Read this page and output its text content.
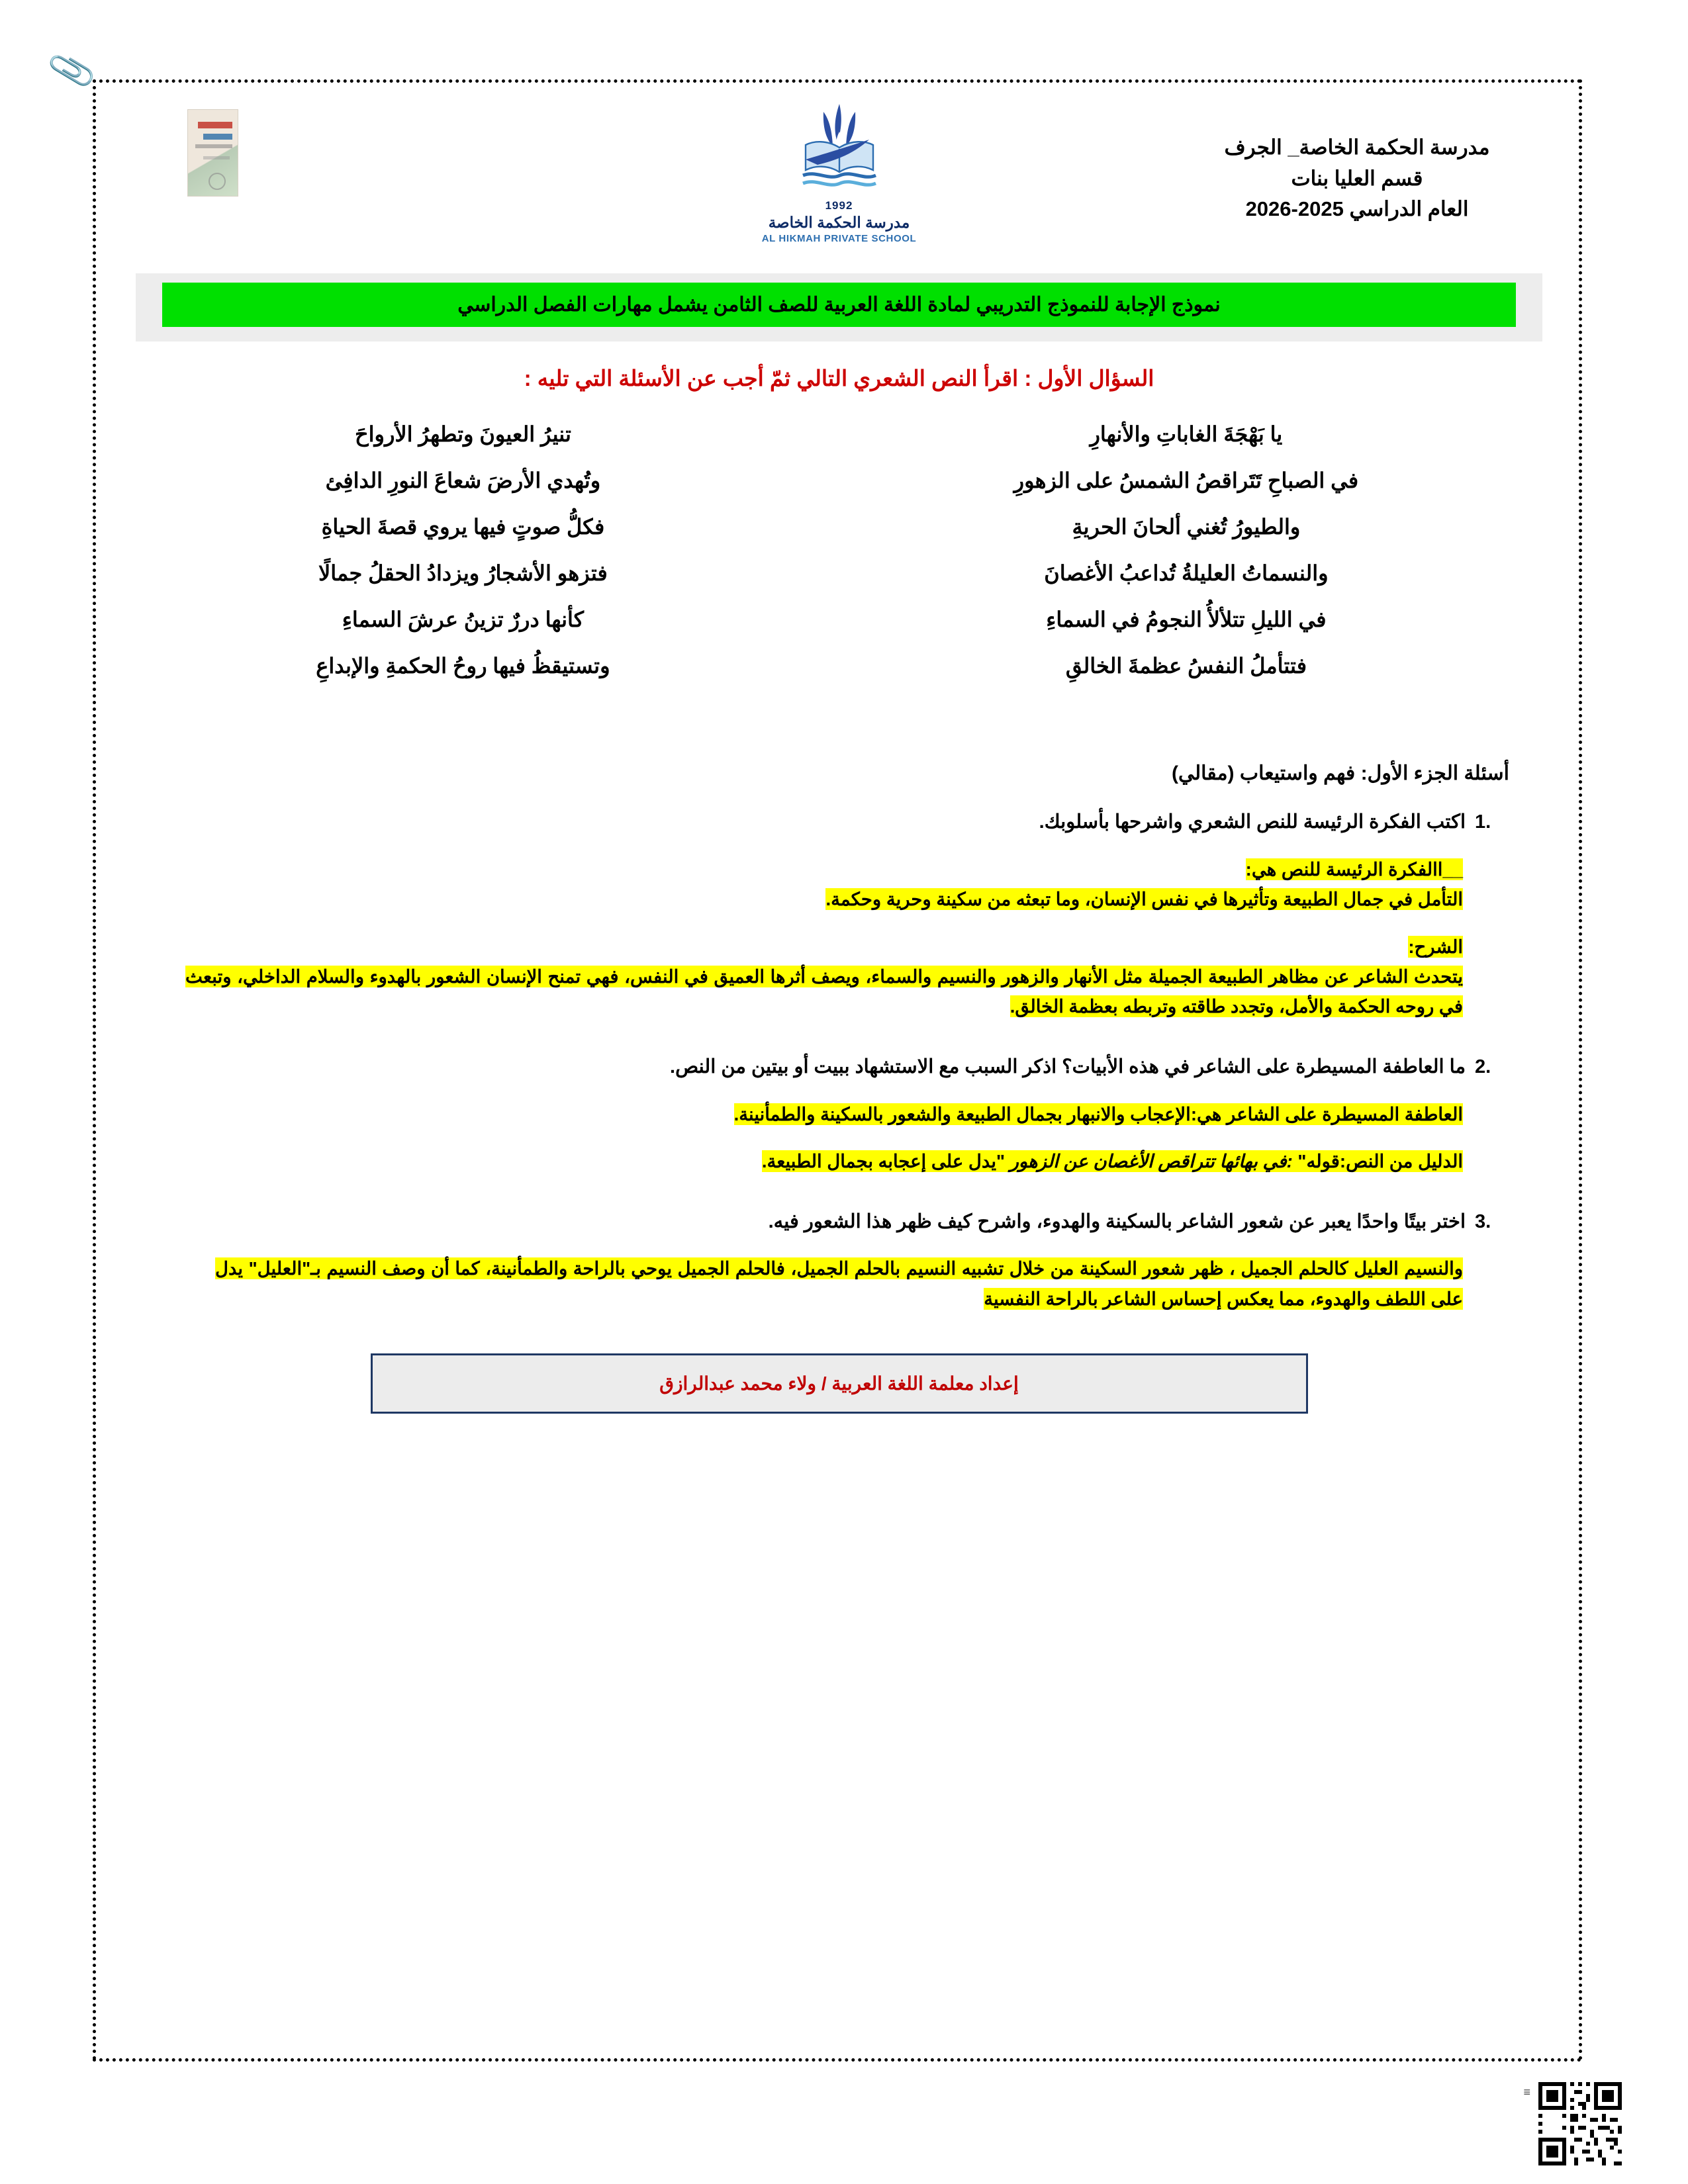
📎
1992
مدرسة الحكمة الخاصة
AL HIKMAH PRIVATE SCHOOL
مدرسة الحكمة الخاصة_ الجرف
قسم العليا بنات
العام الدراسي 2025-2026
نموذج الإجابة للنموذج التدريبي لمادة اللغة العربية للصف الثامن يشمل مهارات الفصل الدراسي
السؤال الأول : اقرأ النص الشعري التالي ثمّ أجب عن الأسئلة التي تليه :
يا بَهْجَةَ الغاباتِ والأنهارِ	تنيرُ العيونَ وتطهرُ الأرواحَ
في الصباحِ تَتَراقصُ الشمسُ على الزهورِ	وتُهدي الأرضَ شعاعَ النورِ الدافِئ
والطيورُ تُغني ألحانَ الحريةِ	فكلُّ صوتٍ فيها يروي قصةَ الحياةِ
والنسماتُ العليلةُ تُداعبُ الأغصانَ	فتزهو الأشجارُ ويزدادُ الحقلُ جمالًا
في الليلِ تتلألأُ النجومُ في السماءِ	كأنها دررٌ تزينُ عرشَ السماءِ
فتتأملُ النفسُ عظمةَ الخالقِ	وتستيقظُ فيها روحُ الحكمةِ والإبداعِ
أسئلة الجزء الأول: فهم واستيعاب (مقالي)
1.
اكتب الفكرة الرئيسة للنص الشعري واشرحها بأسلوبك.
__االفكرة الرئيسة للنص هي:
التأمل في جمال الطبيعة وتأثيرها في نفس الإنسان، وما تبعثه من سكينة وحرية وحكمة.
الشرح:
يتحدث الشاعر عن مظاهر الطبيعة الجميلة مثل الأنهار والزهور والنسيم والسماء، ويصف أثرها العميق في النفس، فهي تمنح الإنسان الشعور بالهدوء والسلام الداخلي، وتبعث في روحه الحكمة والأمل، وتجدد طاقته وتربطه بعظمة الخالق.
2.
ما العاطفة المسيطرة على الشاعر في هذه الأبيات؟ اذكر السبب مع الاستشهاد ببيت أو بيتين من النص.
العاطفة المسيطرة على الشاعر هي:الإعجاب والانبهار بجمال الطبيعة والشعور بالسكينة والطمأنينة.
الدليل من النص:قوله" :في بهائها تتراقص الأغصان عن الزهور "يدل على إعجابه بجمال الطبيعة.
3.
اختر بيتًا واحدًا يعبر عن شعور الشاعر بالسكينة والهدوء، واشرح كيف ظهر هذا الشعور فيه.
والنسيم العليل كالحلم الجميل ، ظهر شعور السكينة من خلال تشبيه النسيم بالحلم الجميل، فالحلم الجميل يوحي بالراحة والطمأنينة، كما أن وصف النسيم بـ"العليل" يدل على اللطف والهدوء، مما يعكس إحساس الشاعر بالراحة النفسية
إعداد معلمة اللغة العربية / ولاء محمد عبدالرازق
≡
